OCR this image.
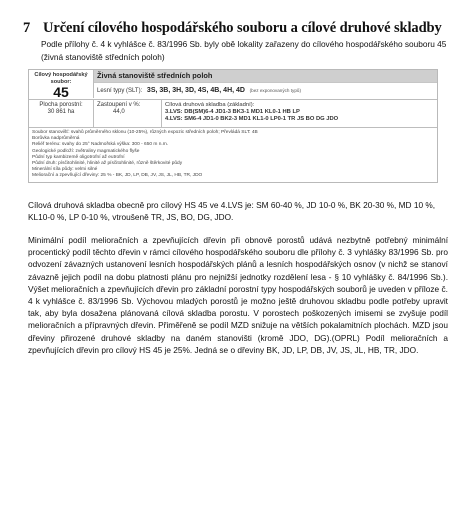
7 Určení cílového hospodářského souboru a cílové druhové skladby
Podle přílohy č. 4 k vyhlášce č. 83/1996 Sb. byly obě lokality zařazeny do cílového hospodářského souboru 45 (živná stanoviště středních poloh)
Cílový hospodářský soubor:
45
Živná stanoviště středních poloh
Lesní typy (SLT): 3S, 3B, 3H, 3D, 4S, 4B, 4H, 4D (bez exponovaných typů)
Plocha porostní:
30 861 ha
Zastoupení v %:
44,0
Cílová druhová skladba (základní):
3.LVS: DB(SM)6-4 JD1-3 BK3-1 MD1 KL0-1 HB LP
4.LVS: SM6-4 JD1-0 BK2-3 MD1 KL1-0 LP0-1 TR JS BO DG JDO
Soubor stanovišť: svahů průměrného sklonu (10-25%), různých expozic středních poloh; Převládá SLT: 4B
Borůvka nadprůměrná
Reliéf terénu: svahy do 25° Nadmořská výška: 300 - 650 m n.m.
Geologické podloží: zvětraliny magmatického flyše
Půdní typ kambizemě oligotrofní až eutrofní
Půdní druh: písčitohlinité, hlinité až písčitohlinité, různě štěrkovité půdy
Minerální síla půdy: velmi silné
Meliorační a zpevňující dřeviny: 25 % - BK, JD, LP, DB, JV, JS, JL, HB, TR, JDO
Cílová druhová skladba obecně pro cílový HS 45 ve 4.LVS je: SM 60-40 %, JD 10-0 %, BK 20-30 %, MD 10 %, KL10-0 %, LP 0-10 %, vtroušeně TR, JS, BO, DG, JDO.
Minimální podíl melioračních a zpevňujících dřevin při obnově porostů udává nezbytně potřebný minimální procentický podíl těchto dřevin v rámci cílového hospodářského souboru dle přílohy č. 3 vyhlášky 83/1996 Sb. pro odvození závazných ustanovení lesních hospodářských plánů a lesních hospodářských osnov (v nichž se stanoví závazně jejich podíl na dobu platnosti plánu pro nejnižší jednotky rozdělení lesa - § 10 vyhlášky č. 84/1996 Sb.). Výšet melioračních a zpevňujících dřevin pro základní porostní typy hospodářských souborů je uveden v příloze č. 4 k vyhlášce č. 83/1996 Sb. Výchovou mladých porostů je možno ještě druhovou skladbu podle potřeby upravit tak, aby byla dosažena plánovaná cílová skladba porostu. V porostech poškozených imisemi se zvyšuje podíl melioračních a přípravných dřevin. Přiměřeně se podíl MZD snižuje na větších pokalamitních plochách. MZD jsou dřeviny přirozené druhové skladby na daném stanovišti (kromě JDO, DG).(OPRL) Podíl melioračních a zpevňujících dřevin pro cílový HS 45 je 25%. Jedná se o dřeviny BK, JD, LP, DB, JV, JS, JL, HB, TR, JDO.
